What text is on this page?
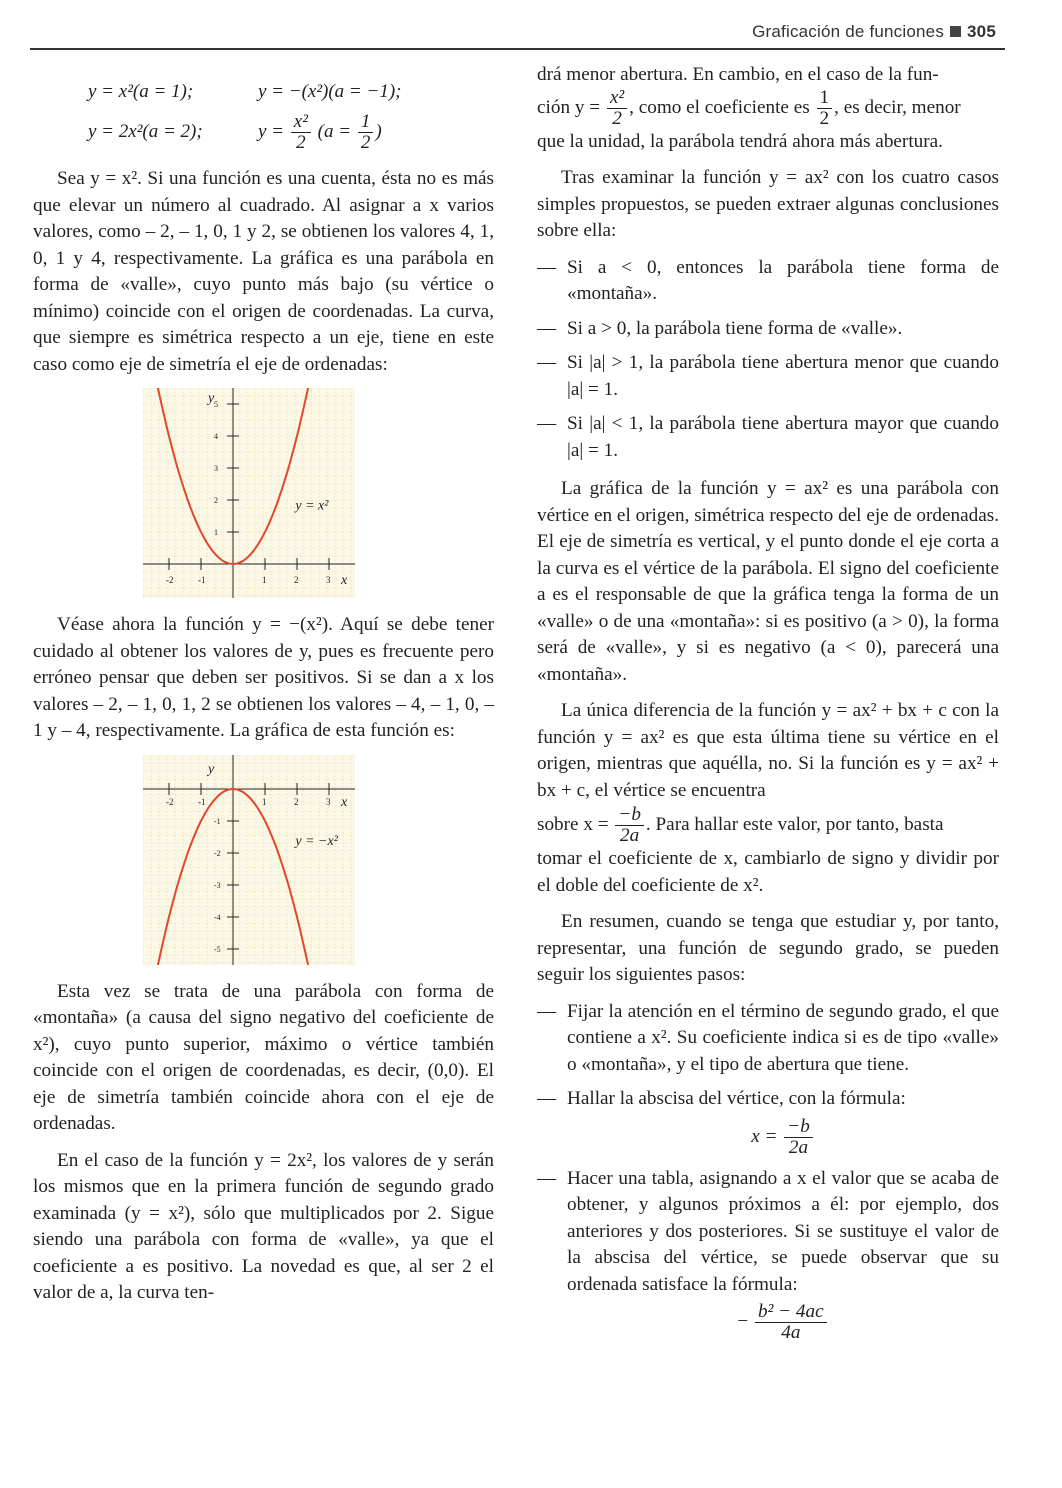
Graficación de funciones 305
y = x²(a = 1);	y = −(x²)(a = −1);
y = 2x²(a = 2);	$y = \frac{\text{x²}}{2} (a = \frac{1}{2}$ )

Sea y = x². Si una función es una cuenta, ésta no es más que elevar un número al cuadrado. Al asignar a x varios valores, como – 2, – 1, 0, 1 y 2, se obtienen los valores 4, 1, 0, 1 y 4, respectivamente. La gráfica es una parábola en forma de «valle», cuyo punto más bajo (su vértice o mínimo) coincide con el origen de coordenadas. La curva, que siempre es simétrica respecto a un eje, tiene en este caso como eje de simetría el eje de ordenadas:

-2	-1	1	2	3
1
2
3
4
5
y
x
y = x²

Véase ahora la función y = −(x²). Aquí se debe tener cuidado al obtener los valores de y, pues es frecuente pero erróneo pensar que deben ser positivos. Si se dan a x los valores – 2, – 1, 0, 1, 2 se obtienen los valores – 4, – 1, 0, – 1 y – 4, respectivamente. La gráfica de esta función es:

-2	-1	1	2	3
-1
-2
-3
-4
-5
y
x
y = −x²

Esta vez se trata de una parábola con forma de «montaña» (a causa del signo negativo del coeficiente de x²), cuyo punto superior, máximo o vértice también coincide con el origen de coordenadas, es decir, (0,0). El eje de simetría también coincide ahora con el eje de ordenadas.

En el caso de la función y = 2x², los valores de y serán los mismos que en la primera función de segundo grado examinada (y = x²), sólo que multiplicados por 2. Sigue siendo una parábola con forma de «valle», ya que el coeficiente a es positivo. La novedad es que, al ser 2 el valor de a, la curva ten-

drá menor abertura. En cambio, en el caso de la fun-

ción y =
$\frac{\text{x²}}{2}$ , como el coeficiente es
$\frac{1}{2}$ , es decir, menor

que la unidad, la parábola tendrá ahora más abertura.

Tras examinar la función y = ax² con los cuatro casos simples propuestos, se pueden extraer algunas conclusiones sobre ella:

— Si a < 0, entonces la parábola tiene forma de «montaña».
— Si a > 0, la parábola tiene forma de «valle».
— Si |a| > 1, la parábola tiene abertura menor que cuando |a| = 1.
— Si |a| < 1, la parábola tiene abertura mayor que cuando |a| = 1.

La gráfica de la función y = ax² es una parábola con vértice en el origen, simétrica respecto del eje de ordenadas. El eje de simetría es vertical, y el punto donde el eje corta a la curva es el vértice de la parábola. El signo del coeficiente a es el responsable de que la gráfica tenga la forma de un «valle» o de una «montaña»: si es positivo (a > 0), la forma será de «valle», y si es negativo (a < 0), parecerá una «montaña».

La única diferencia de la función y = ax² + bx + c con la función y = ax² es que esta última tiene su vértice en el origen, mientras que aquélla, no. Si la función es y = ax² + bx + c, el vértice se encuentra

sobre x =
$\frac{-b}{2a}$ . Para hallar este valor, por tanto, basta

tomar el coeficiente de x, cambiarlo de signo y dividir por el doble del coeficiente de x².

En resumen, cuando se tenga que estudiar y, por tanto, representar, una función de segundo grado, se pueden seguir los siguientes pasos:

— Fijar la atención en el término de segundo grado, el que contiene a x². Su coeficiente indica si es de tipo «valle» o «montaña», y el tipo de abertura que tiene.
— Hallar la abscisa del vértice, con la fórmula:
$x = \frac{-b}{2a}$
— Hacer una tabla, asignando a x el valor que se acaba de obtener, y algunos próximos a él: por ejemplo, dos anteriores y dos posteriores. Si se sustituye el valor de la abscisa del vértice, se puede observar que su ordenada satisface la fórmula:
− $\frac{\text{b² − 4ac}}{4a}$
